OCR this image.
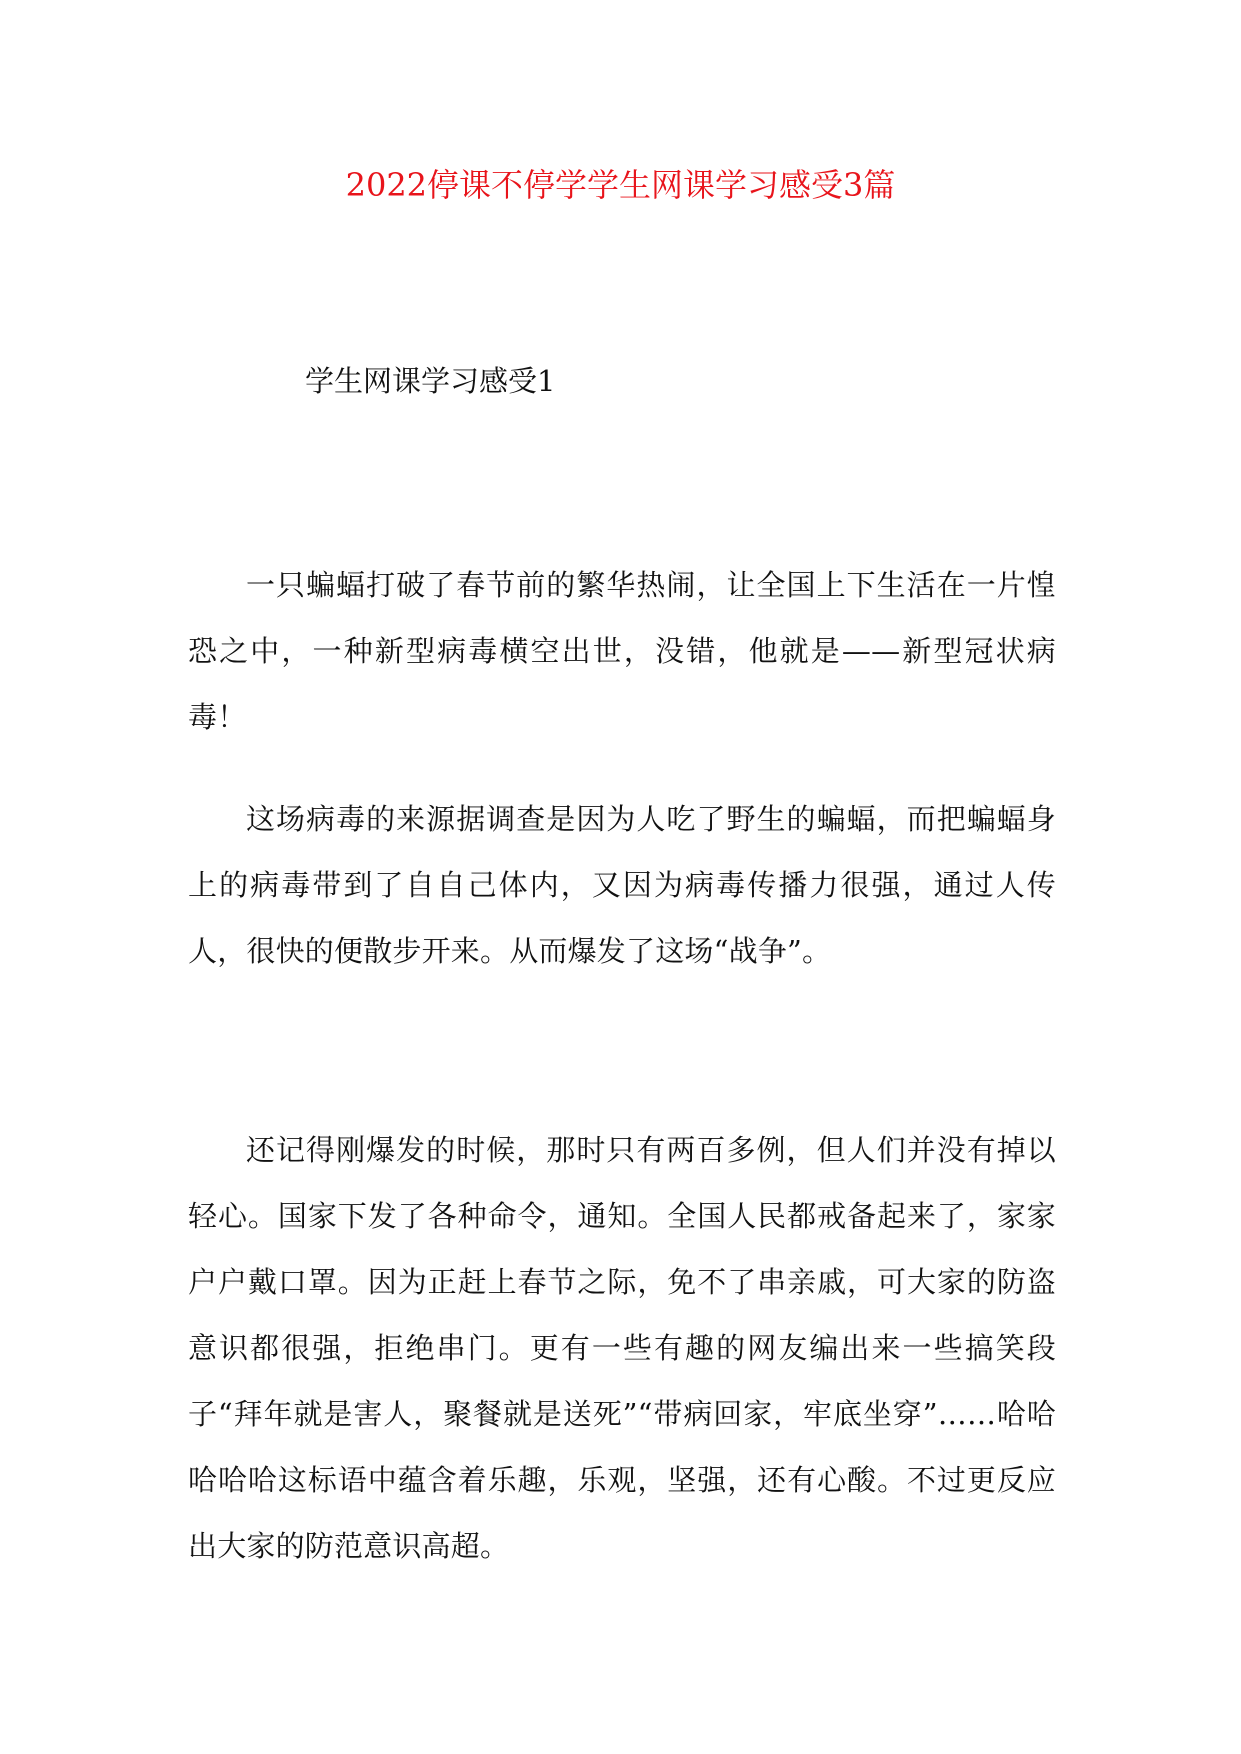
2022停课不停学学生网课学习感受3篇
学生网课学习感受1

一只蝙蝠打破了春节前的繁华热闹，让全国上下生活在一片惶恐之中，一种新型病毒横空出世，没错，他就是——新型冠状病毒！

这场病毒的来源据调查是因为人吃了野生的蝙蝠，而把蝙蝠身上的病毒带到了自自己体内，又因为病毒传播力很强，通过人传人，很快的便散步开来。从而爆发了这场“战争”。

还记得刚爆发的时候，那时只有两百多例，但人们并没有掉以轻心。国家下发了各种命令，通知。全国人民都戒备起来了，家家户户戴口罩。因为正赶上春节之际，免不了串亲戚，可大家的防盗意识都很强，拒绝串门。更有一些有趣的网友编出来一些搞笑段子“拜年就是害人，聚餐就是送死”“带病回家，牢底坐穿”……哈哈哈哈哈这标语中蕴含着乐趣，乐观，坚强，还有心酸。不过更反应出大家的防范意识高超。
